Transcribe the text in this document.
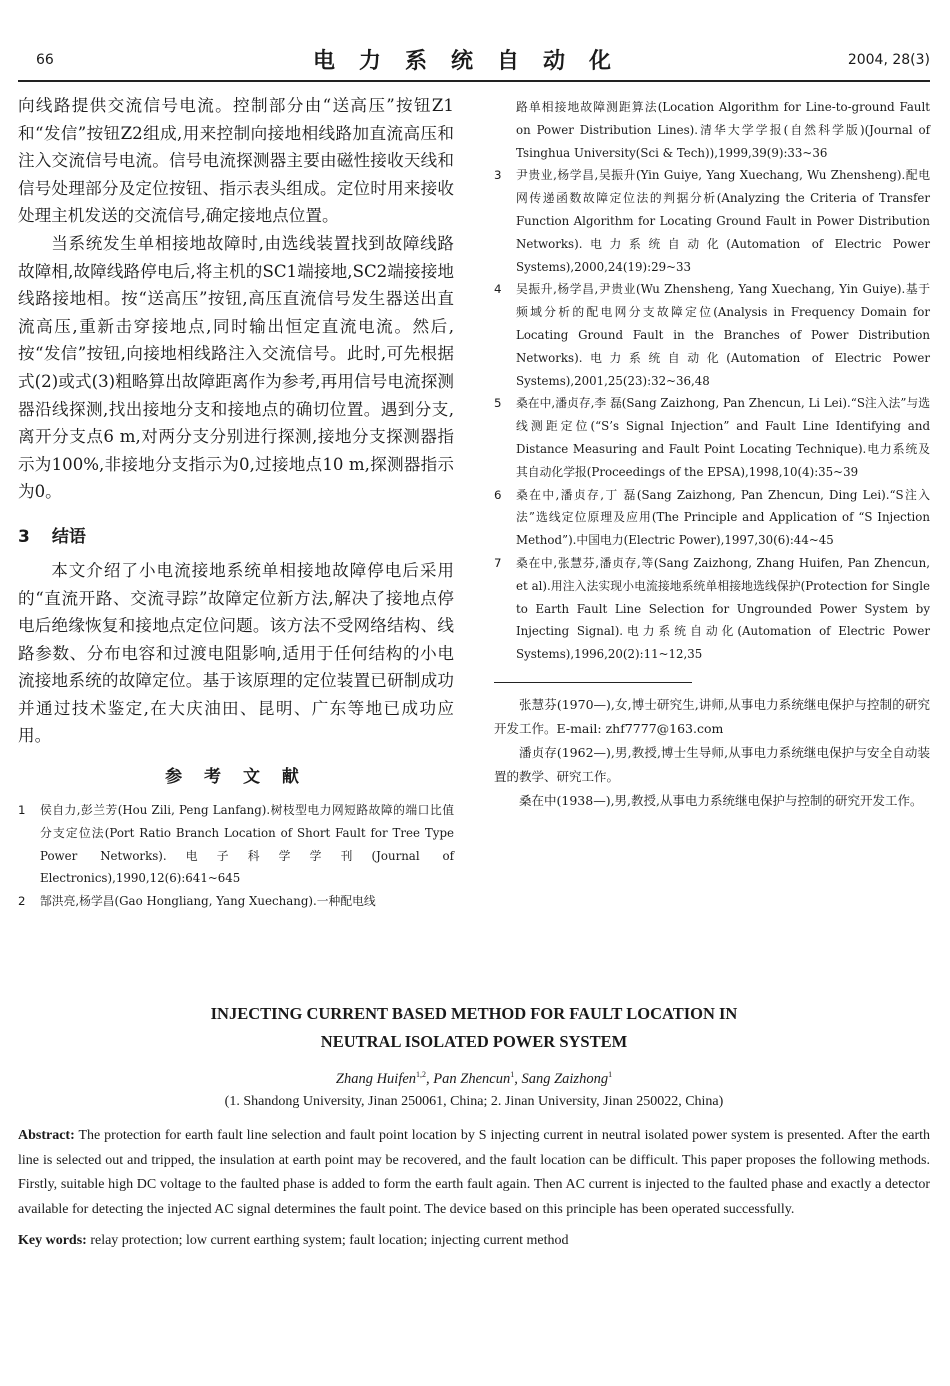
66	电力系统自动化	2004, 28(3)

向线路提供交流信号电流。控制部分由“送高压”按钮Z1和“发信”按钮Z2组成,用来控制向接地相线路加直流高压和注入交流信号电流。信号电流探测器主要由磁性接收天线和信号处理部分及定位按钮、指示表头组成。定位时用来接收处理主机发送的交流信号,确定接地点位置。

当系统发生单相接地故障时,由选线装置找到故障线路故障相,故障线路停电后,将主机的SC1端接地,SC2端接接地线路接地相。按“送高压”按钮,高压直流信号发生器送出直流高压,重新击穿接地点,同时输出恒定直流电流。然后,按“发信”按钮,向接地相线路注入交流信号。此时,可先根据式(2)或式(3)粗略算出故障距离作为参考,再用信号电流探测器沿线探测,找出接地分支和接地点的确切位置。遇到分支,离开分支点6 m,对两分支分别进行探测,接地分支探测器指示为100%,非接地分支指示为0,过接地点10 m,探测器指示为0。

3 结语

本文介绍了小电流接地系统单相接地故障停电后采用的“直流开路、交流寻踪”故障定位新方法,解决了接地点停电后绝缘恢复和接地点定位问题。该方法不受网络结构、线路参数、分布电容和过渡电阻影响,适用于任何结构的小电流接地系统的故障定位。基于该原理的定位装置已研制成功并通过技术鉴定,在大庆油田、昆明、广东等地已成功应用。

参 考 文 献
1	侯自力,彭兰芳(Hou Zili, Peng Lanfang).树枝型电力网短路故障的端口比值分支定位法(Port Ratio Branch Location of Short Fault for Tree Type Power Networks).电子科学学刊(Journal of Electronics),1990,12(6):641~645
2	郜洪亮,杨学昌(Gao Hongliang, Yang Xuechang).一种配电线
路单相接地故障测距算法(Location Algorithm for Line-to-ground Fault on Power Distribution Lines).清华大学学报(自然科学版)(Journal of Tsinghua University(Sci & Tech)),1999,39(9):33~36
3	尹贵业,杨学昌,吴振升(Yin Guiye, Yang Xuechang, Wu Zhensheng).配电网传递函数故障定位法的判据分析(Analyzing the Criteria of Transfer Function Algorithm for Locating Ground Fault in Power Distribution Networks).电力系统自动化(Automation of Electric Power Systems),2000,24(19):29~33
4	吴振升,杨学昌,尹贵业(Wu Zhensheng, Yang Xuechang, Yin Guiye).基于频域分析的配电网分支故障定位(Analysis in Frequency Domain for Locating Ground Fault in the Branches of Power Distribution Networks).电力系统自动化(Automation of Electric Power Systems),2001,25(23):32~36,48
5	桑在中,潘贞存,李 磊(Sang Zaizhong, Pan Zhencun, Li Lei).“S注入法”与选线测距定位(“S’s Signal Injection” and Fault Line Identifying and Distance Measuring and Fault Point Locating Technique).电力系统及其自动化学报(Proceedings of the EPSA),1998,10(4):35~39
6	桑在中,潘贞存,丁 磊(Sang Zaizhong, Pan Zhencun, Ding Lei).“S注入法”选线定位原理及应用(The Principle and Application of “S Injection Method”).中国电力(Electric Power),1997,30(6):44~45
7	桑在中,张慧芬,潘贞存,等(Sang Zaizhong, Zhang Huifen, Pan Zhencun, et al).用注入法实现小电流接地系统单相接地选线保护(Protection for Single to Earth Fault Line Selection for Ungrounded Power System by Injecting Signal).电力系统自动化(Automation of Electric Power Systems),1996,20(2):11~12,35

张慧芬(1970—),女,博士研究生,讲师,从事电力系统继电保护与控制的研究开发工作。E-mail: zhf7777@163.com

潘贞存(1962—),男,教授,博士生导师,从事电力系统继电保护与安全自动装置的教学、研究工作。

桑在中(1938—),男,教授,从事电力系统继电保护与控制的研究开发工作。

INJECTING CURRENT BASED METHOD FOR FAULT LOCATION IN

NEUTRAL ISOLATED POWER SYSTEM

Zhang Huifen$^{1,2}$, Pan Zhencun$^1$, Sang Zaizhong$^1$

(1. Shandong University, Jinan 250061, China; 2. Jinan University, Jinan 250022, China)

Abstract: The protection for earth fault line selection and fault point location by S injecting current in neutral isolated power system is presented. After the earth line is selected out and tripped, the insulation at earth point may be recovered, and the fault location can be difficult. This paper proposes the following methods. Firstly, suitable high DC voltage to the faulted phase is added to form the earth fault again. Then AC current is injected to the faulted phase and exactly a detector available for detecting the injected AC signal determines the fault point. The device based on this principle has been operated successfully.

Key words: relay protection; low current earthing system; fault location; injecting current method
